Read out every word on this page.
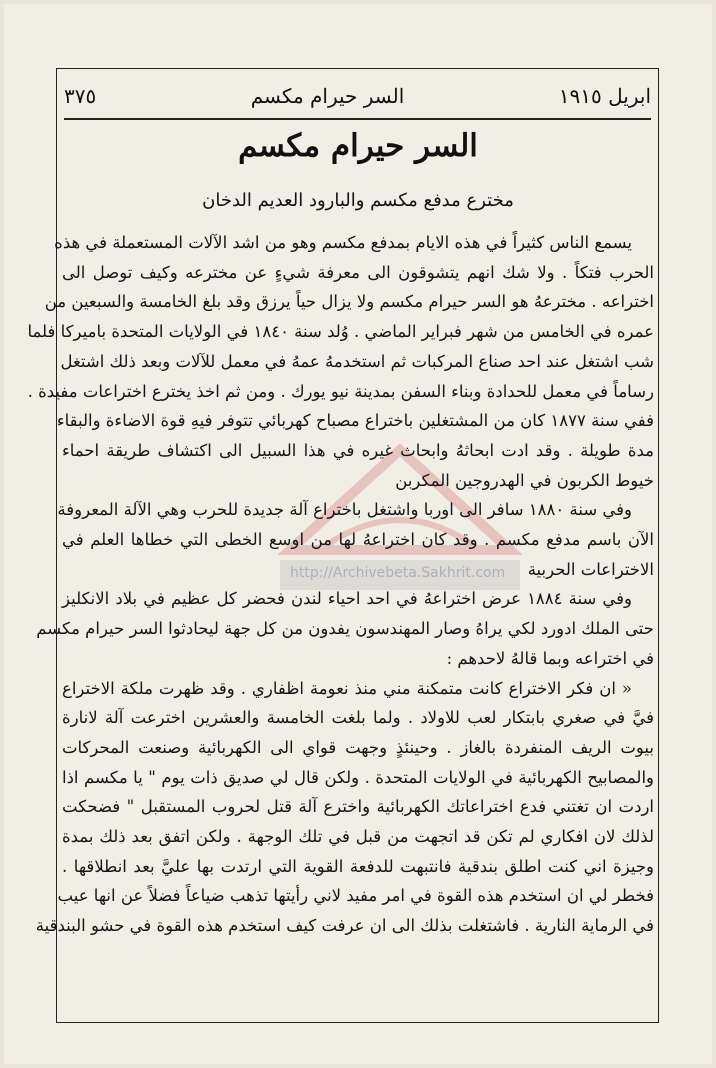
ابريل ١٩١٥
السر حيرام مكسم
٣٧٥
السر حيرام مكسم
مخترع مدفع مكسم والبارود العديم الدخان
يسمع الناس كثيراً في هذه الايام بمدفع مكسم وهو من اشد الآلات المستعملة في هذه
الحرب فتكاً . ولا شك انهم يتشوقون الى معرفة شيءٍ عن مخترعه وكيف توصل الى
اختراعه . مخترعهُ هو السر حيرام مكسم ولا يزال حياً يرزق وقد بلغ الخامسة والسبعين من
عمره في الخامس من شهر فبراير الماضي . وُلد سنة ١٨٤٠ في الولايات المتحدة باميركا فلما
شب اشتغل عند احد صناع المركبات ثم استخدمهُ عمهُ في معمل للآلات وبعد ذلك اشتغل
رساماً في معمل للحدادة وبناء السفن بمدينة نيو يورك . ومن ثم اخذ يخترع اختراعات مفيدة .
ففي سنة ١٨٧٧ كان من المشتغلين باختراع مصباح كهربائي تتوفر فيهِ قوة الاضاءة والبقاء
مدة طويلة . وقد ادت ابحاثهُ وابحاث غيره في هذا السبيل الى اكتشاف طريقة احماء
خيوط الكربون في الهدروجين المكربن
وفي سنة ١٨٨٠ سافر الى اوربا واشتغل باختراع آلة جديدة للحرب وهي الآلة المعروفة
الآن باسم مدفع مكسم . وقد كان اختراعهُ لها من اوسع الخطى التي خطاها العلم في
الاختراعات الحربية
وفي سنة ١٨٨٤ عرض اختراعهُ في احد احياء لندن فحضر كل عظيم في بلاد الانكليز
حتى الملك ادورد لكي يراهُ وصار المهندسون يفدون من كل جهة ليحادثوا السر حيرام مكسم
في اختراعه وبما قالهُ لاحدهم :
« ان فكر الاختراع كانت متمكنة مني منذ نعومة اظفاري . وقد ظهرت ملكة الاختراع
فيَّ في صغري بابتكار لعب للاولاد . ولما بلغت الخامسة والعشرين اخترعت آلة لانارة
بيوت الريف المنفردة بالغاز . وحينئذٍ وجهت قواي الى الكهربائية وصنعت المحركات
والمصابيح الكهربائية في الولايات المتحدة . ولكن قال لي صديق ذات يوم " يا مكسم اذا
اردت ان تغتني فدع اختراعاتك الكهربائية واخترع آلة قتل لحروب المستقبل " فضحكت
لذلك لان افكاري لم تكن قد اتجهت من قبل في تلك الوجهة . ولكن اتفق بعد ذلك بمدة
وجيزة اني كنت اطلق بندقية فانتبهت للدفعة القوية التي ارتدت بها عليَّ بعد انطلاقها .
فخطر لي ان استخدم هذه القوة في امر مفيد لاني رأيتها تذهب ضياعاً فضلاً عن انها عيب
في الرماية النارية . فاشتغلت بذلك الى ان عرفت كيف استخدم هذه القوة في حشو البندقية
http://Archivebeta.Sakhrit.com
